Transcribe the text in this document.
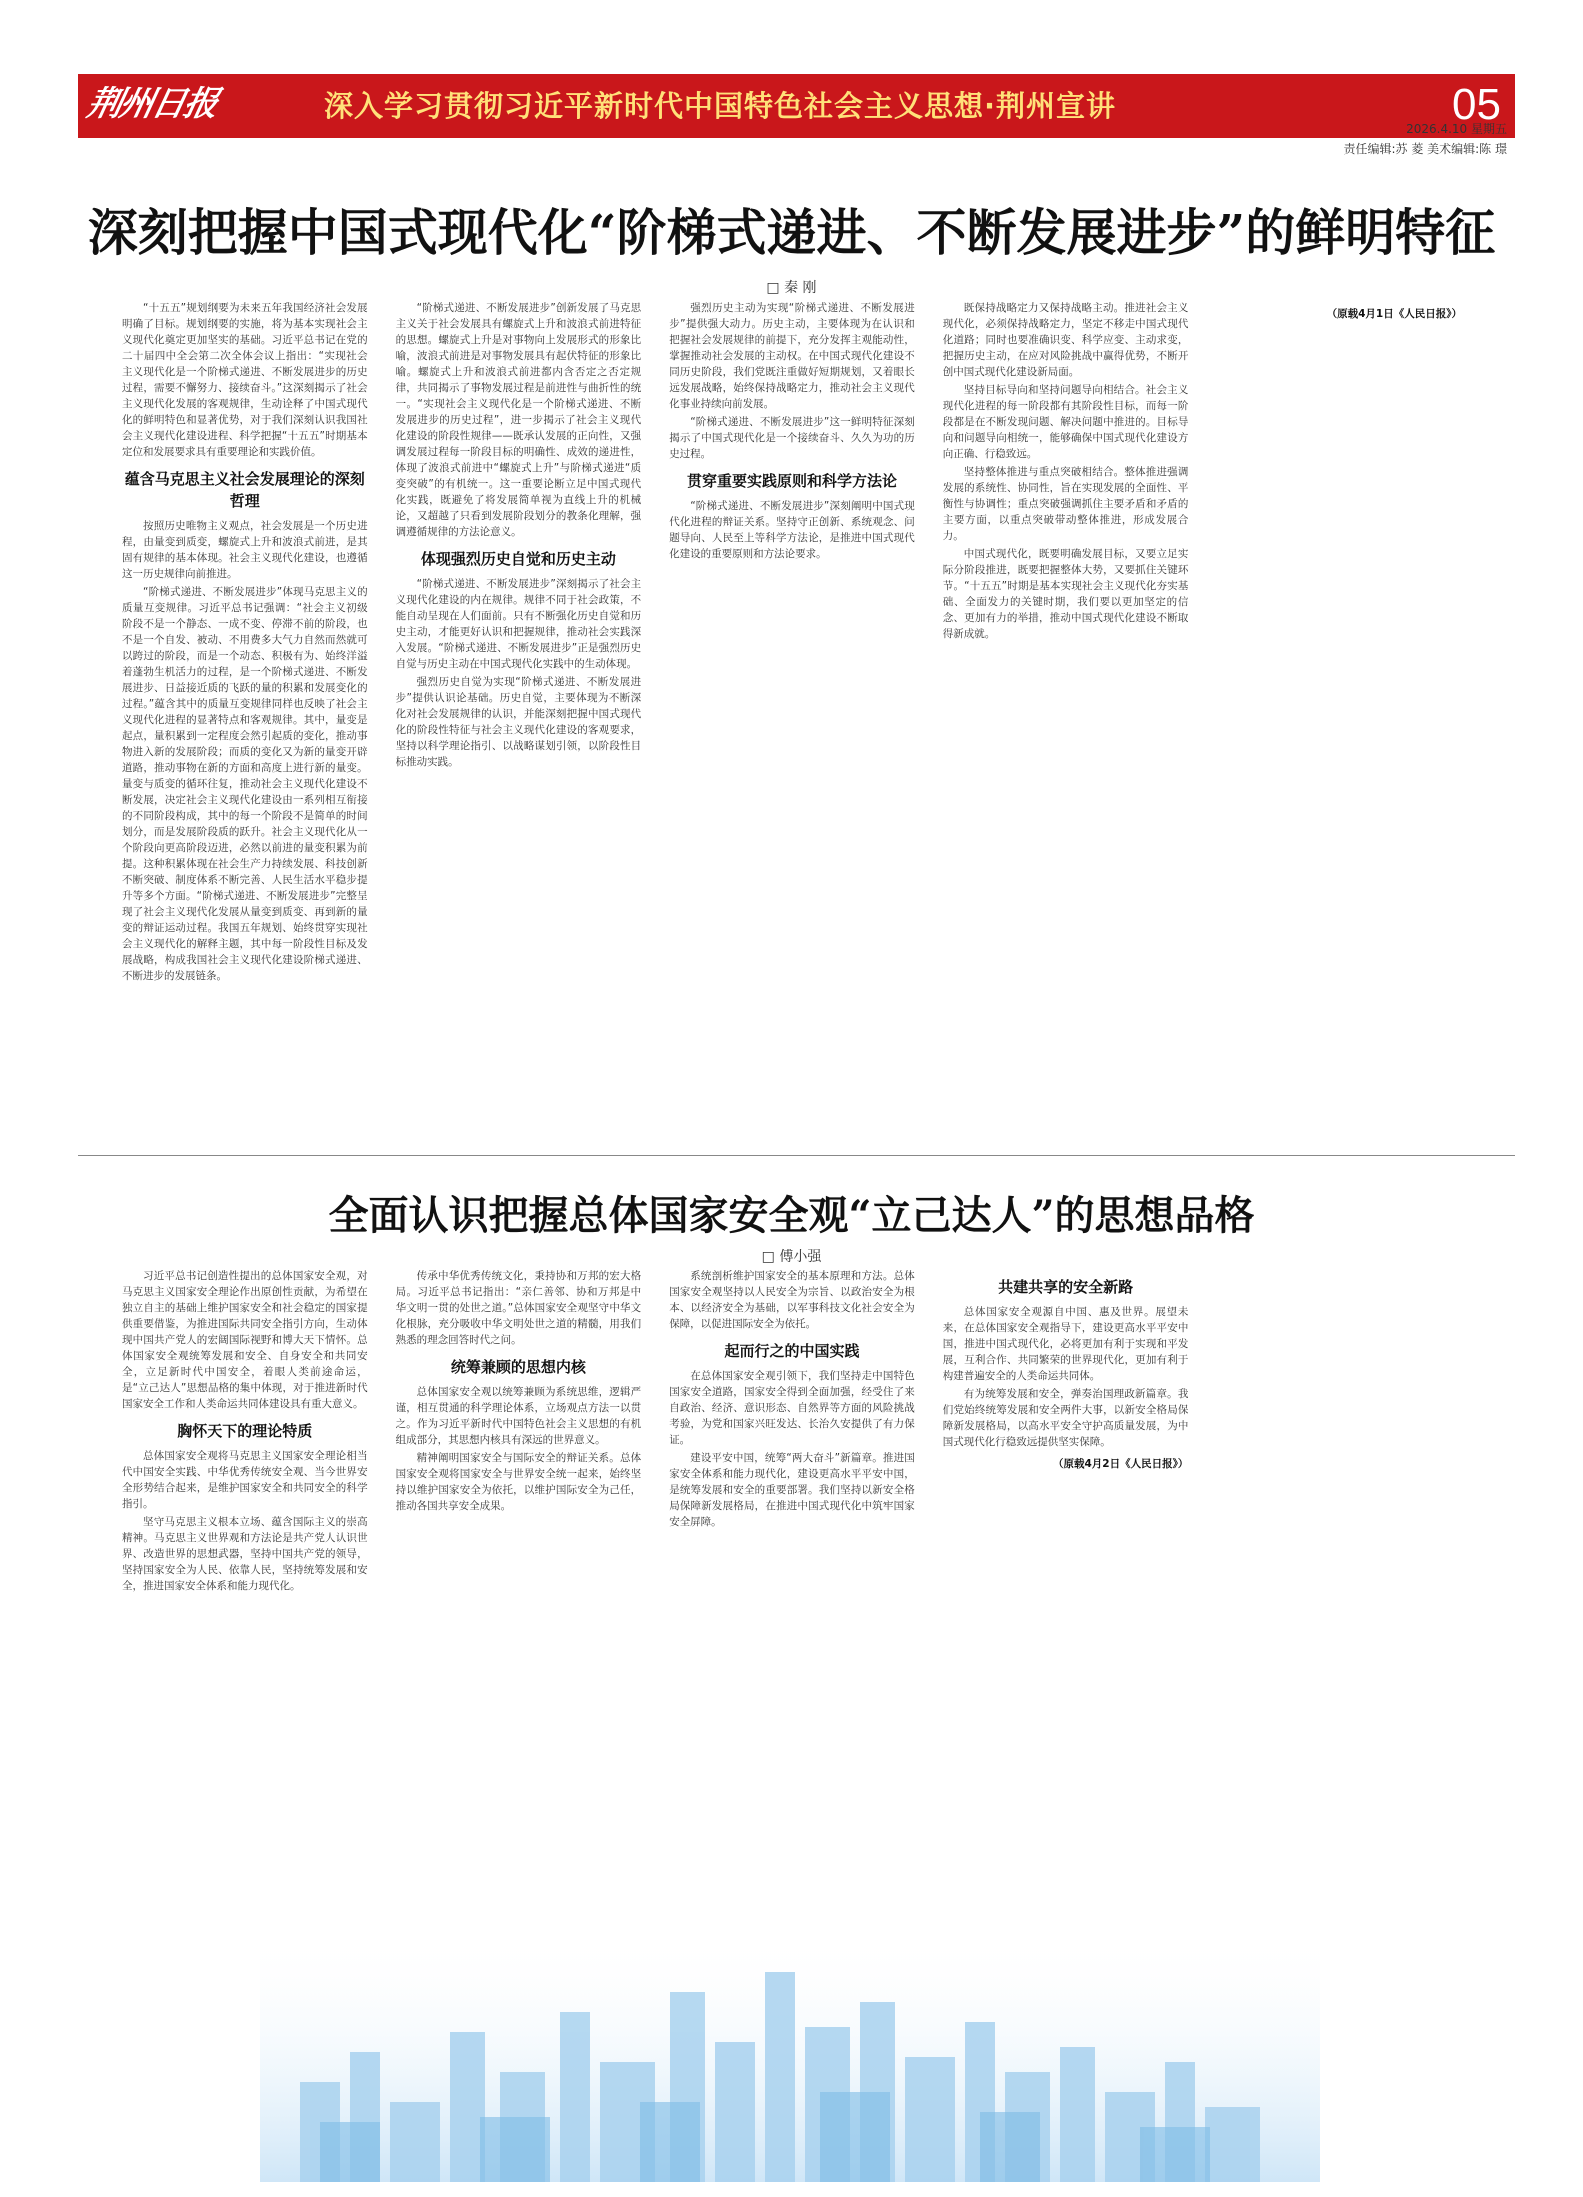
荆州日报	深入学习贯彻习近平新时代中国特色社会主义思想·荆州宣讲	05
2026.4.10 星期五
责任编辑:苏 菱 美术编辑:陈 璟
深刻把握中国式现代化“阶梯式递进、不断发展进步”的鲜明特征
□ 秦 刚

“十五五”规划纲要为未来五年我国经济社会发展明确了目标。规划纲要的实施，将为基本实现社会主义现代化奠定更加坚实的基础。习近平总书记在党的二十届四中全会第二次全体会议上指出：“实现社会主义现代化是一个阶梯式递进、不断发展进步的历史过程，需要不懈努力、接续奋斗。”这深刻揭示了社会主义现代化发展的客观规律，生动诠释了中国式现代化的鲜明特色和显著优势，对于我们深刻认识我国社会主义现代化建设进程、科学把握“十五五”时期基本定位和发展要求具有重要理论和实践价值。

蕴含马克思主义社会发展理论的深刻哲理

按照历史唯物主义观点，社会发展是一个历史进程，由量变到质变，螺旋式上升和波浪式前进，是其固有规律的基本体现。社会主义现代化建设，也遵循这一历史规律向前推进。

“阶梯式递进、不断发展进步”体现马克思主义的质量互变规律。习近平总书记强调：“社会主义初级阶段不是一个静态、一成不变、停滞不前的阶段，也不是一个自发、被动、不用费多大气力自然而然就可以跨过的阶段，而是一个动态、积极有为、始终洋溢着蓬勃生机活力的过程，是一个阶梯式递进、不断发展进步、日益接近质的飞跃的量的积累和发展变化的过程。”蕴含其中的质量互变规律同样也反映了社会主义现代化进程的显著特点和客观规律。其中，量变是起点，量积累到一定程度会然引起质的变化，推动事物进入新的发展阶段；而质的变化又为新的量变开辟道路，推动事物在新的方面和高度上进行新的量变。量变与质变的循环往复，推动社会主义现代化建设不断发展，决定社会主义现代化建设由一系列相互衔接的不同阶段构成，其中的每一个阶段不是简单的时间划分，而是发展阶段质的跃升。社会主义现代化从一个阶段向更高阶段迈进，必然以前进的量变积累为前提。这种积累体现在社会生产力持续发展、科技创新不断突破、制度体系不断完善、人民生活水平稳步提升等多个方面。“阶梯式递进、不断发展进步”完整呈现了社会主义现代化发展从量变到质变、再到新的量变的辩证运动过程。我国五年规划、始终贯穿实现社会主义现代化的解释主题，其中每一阶段性目标及发展战略，构成我国社会主义现代化建设阶梯式递进、不断进步的发展链条。

“阶梯式递进、不断发展进步”创新发展了马克思主义关于社会发展具有螺旋式上升和波浪式前进特征的思想。螺旋式上升是对事物向上发展形式的形象比喻，波浪式前进是对事物发展具有起伏特征的形象比喻。螺旋式上升和波浪式前进都内含否定之否定规律，共同揭示了事物发展过程是前进性与曲折性的统一。“实现社会主义现代化是一个阶梯式递进、不断发展进步的历史过程”，进一步揭示了社会主义现代化建设的阶段性规律——既承认发展的正向性，又强调发展过程每一阶段目标的明确性、成效的递进性，体现了波浪式前进中“螺旋式上升”与阶梯式递进“质变突破”的有机统一。这一重要论断立足中国式现代化实践，既避免了将发展简单视为直线上升的机械论，又超越了只看到发展阶段划分的教条化理解，强调遵循规律的方法论意义。

体现强烈历史自觉和历史主动

“阶梯式递进、不断发展进步”深刻揭示了社会主义现代化建设的内在规律。规律不同于社会政策，不能自动呈现在人们面前。只有不断强化历史自觉和历史主动，才能更好认识和把握规律，推动社会实践深入发展。“阶梯式递进、不断发展进步”正是强烈历史自觉与历史主动在中国式现代化实践中的生动体现。

强烈历史自觉为实现“阶梯式递进、不断发展进步”提供认识论基础。历史自觉，主要体现为不断深化对社会发展规律的认识，并能深刻把握中国式现代化的阶段性特征与社会主义现代化建设的客观要求，坚持以科学理论指引、以战略谋划引领，以阶段性目标推动实践。

强烈历史主动为实现“阶梯式递进、不断发展进步”提供强大动力。历史主动，主要体现为在认识和把握社会发展规律的前提下，充分发挥主观能动性，掌握推动社会发展的主动权。在中国式现代化建设不同历史阶段，我们党既注重做好短期规划，又着眼长远发展战略，始终保持战略定力，推动社会主义现代化事业持续向前发展。

“阶梯式递进、不断发展进步”这一鲜明特征深刻揭示了中国式现代化是一个接续奋斗、久久为功的历史过程。

贯穿重要实践原则和科学方法论

“阶梯式递进、不断发展进步”深刻阐明中国式现代化进程的辩证关系。坚持守正创新、系统观念、问题导向、人民至上等科学方法论，是推进中国式现代化建设的重要原则和方法论要求。

既保持战略定力又保持战略主动。推进社会主义现代化，必须保持战略定力，坚定不移走中国式现代化道路；同时也要准确识变、科学应变、主动求变，把握历史主动，在应对风险挑战中赢得优势，不断开创中国式现代化建设新局面。

坚持目标导向和坚持问题导向相结合。社会主义现代化进程的每一阶段都有其阶段性目标，而每一阶段都是在不断发现问题、解决问题中推进的。目标导向和问题导向相统一，能够确保中国式现代化建设方向正确、行稳致远。

坚持整体推进与重点突破相结合。整体推进强调发展的系统性、协同性，旨在实现发展的全面性、平衡性与协调性；重点突破强调抓住主要矛盾和矛盾的主要方面，以重点突破带动整体推进，形成发展合力。

中国式现代化，既要明确发展目标，又要立足实际分阶段推进，既要把握整体大势，又要抓住关键环节。“十五五”时期是基本实现社会主义现代化夯实基础、全面发力的关键时期，我们要以更加坚定的信念、更加有力的举措，推动中国式现代化建设不断取得新成就。

（原载4月1日《人民日报》）

全面认识把握总体国家安全观“立己达人”的思想品格
□ 傅小强

习近平总书记创造性提出的总体国家安全观，对马克思主义国家安全理论作出原创性贡献，为希望在独立自主的基础上维护国家安全和社会稳定的国家提供重要借鉴，为推进国际共同安全指引方向，生动体现中国共产党人的宏阔国际视野和博大天下情怀。总体国家安全观统筹发展和安全、自身安全和共同安全，立足新时代中国安全，着眼人类前途命运，是“立己达人”思想品格的集中体现，对于推进新时代国家安全工作和人类命运共同体建设具有重大意义。

胸怀天下的理论特质

总体国家安全观将马克思主义国家安全理论相当代中国安全实践、中华优秀传统安全观、当今世界安全形势结合起来，是维护国家安全和共同安全的科学指引。

坚守马克思主义根本立场、蕴含国际主义的崇高精神。马克思主义世界观和方法论是共产党人认识世界、改造世界的思想武器，坚持中国共产党的领导，坚持国家安全为人民、依靠人民，坚持统筹发展和安全，推进国家安全体系和能力现代化。

传承中华优秀传统文化，秉持协和万邦的宏大格局。习近平总书记指出：“亲仁善邻、协和万邦是中华文明一贯的处世之道。”总体国家安全观坚守中华文化根脉，充分吸收中华文明处世之道的精髓，用我们熟悉的理念回答时代之问。

统筹兼顾的思想内核

总体国家安全观以统筹兼顾为系统思维，逻辑严谨，相互贯通的科学理论体系，立场观点方法一以贯之。作为习近平新时代中国特色社会主义思想的有机组成部分，其思想内核具有深远的世界意义。

精神阐明国家安全与国际安全的辩证关系。总体国家安全观将国家安全与世界安全统一起来，始终坚持以维护国家安全为依托，以维护国际安全为己任，推动各国共享安全成果。

系统剖析维护国家安全的基本原理和方法。总体国家安全观坚持以人民安全为宗旨、以政治安全为根本、以经济安全为基础，以军事科技文化社会安全为保障，以促进国际安全为依托。

起而行之的中国实践

在总体国家安全观引领下，我们坚持走中国特色国家安全道路，国家安全得到全面加强，经受住了来自政治、经济、意识形态、自然界等方面的风险挑战考验，为党和国家兴旺发达、长治久安提供了有力保证。

建设平安中国，统筹“两大奋斗”新篇章。推进国家安全体系和能力现代化，建设更高水平平安中国，是统筹发展和安全的重要部署。我们坚持以新安全格局保障新发展格局，在推进中国式现代化中筑牢国家安全屏障。

共建共享的安全新路

总体国家安全观源自中国、惠及世界。展望未来，在总体国家安全观指导下，建设更高水平平安中国，推进中国式现代化，必将更加有利于实现和平发展，互利合作、共同繁荣的世界现代化，更加有利于构建普遍安全的人类命运共同体。

有为统筹发展和安全，弹奏治国理政新篇章。我们党始终统筹发展和安全两件大事，以新安全格局保障新发展格局，以高水平安全守护高质量发展，为中国式现代化行稳致远提供坚实保障。

（原载4月2日《人民日报》）
